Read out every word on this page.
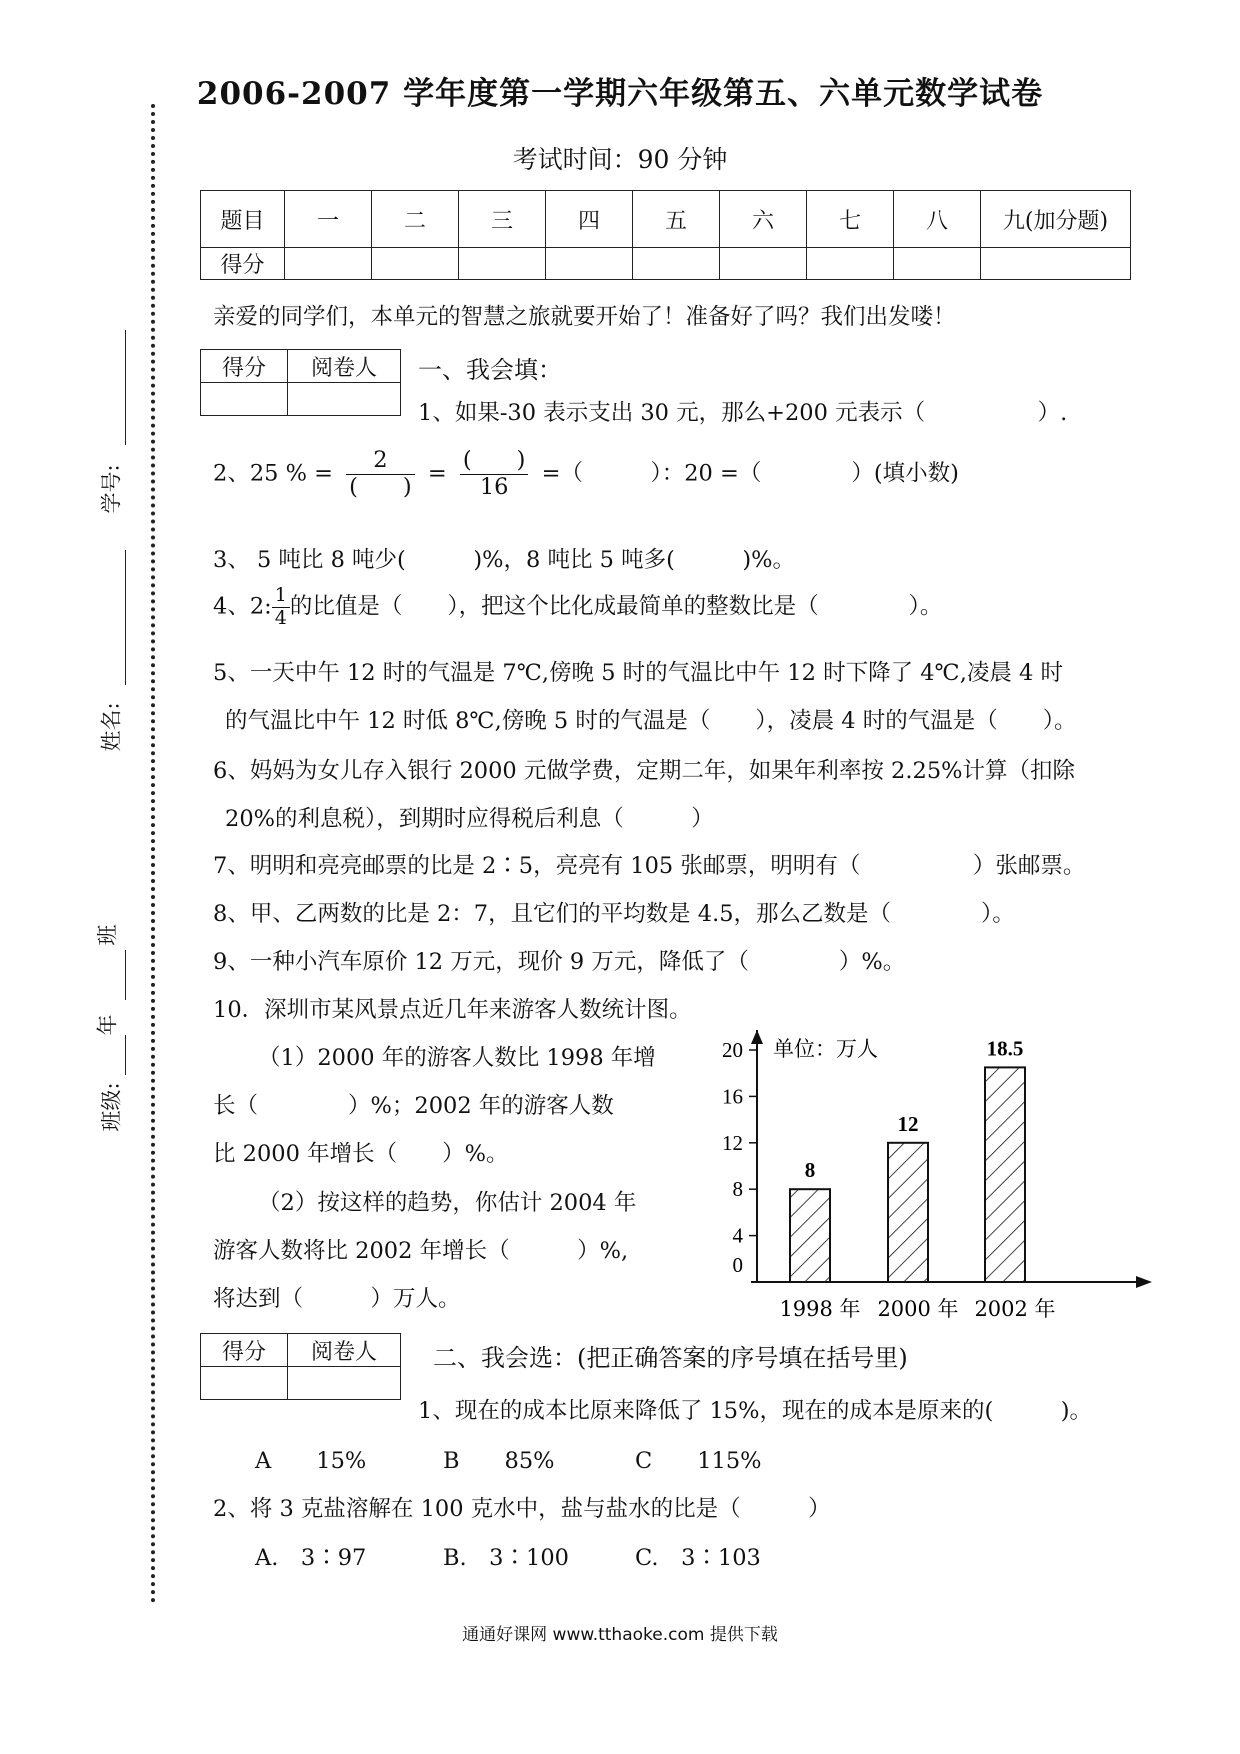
学号:
姓名:
班
年
班级:
2006-2007 学年度第一学期六年级第五、六单元数学试卷
考试时间：90 分钟
题目	一	二	三	四	五	六	七	八	九(加分题)
得分									
亲爱的同学们，本单元的智慧之旅就要开始了！准备好了吗？我们出发喽！
得分	阅卷人
	一、我会填：
1、如果-30 表示支出 30 元，那么+200 元表示（　　　　　）.
2、25 % = $\frac{2}{( )} = \frac{( )}{16}$ =（　　　）：20 =（　　　　）(填小数)
3、 5 吨比 8 吨少(　　　)%，8 吨比 5 吨多(　　　)%。
4、2: $\frac{1}{4}$ 的比值是（　　），把这个比化成最简单的整数比是（　　　　）。
5、一天中午 12 时的气温是 7℃,傍晚 5 时的气温比中午 12 时下降了 4℃,凌晨 4 时
的气温比中午 12 时低 8℃,傍晚 5 时的气温是（　　），凌晨 4 时的气温是（　　）。
6、妈妈为女儿存入银行 2000 元做学费，定期二年，如果年利率按 2.25%计算（扣除
20%的利息税），到期时应得税后利息（　　　）
7、明明和亮亮邮票的比是 2∶5，亮亮有 105 张邮票，明明有（　　　　　）张邮票。
8、甲、乙两数的比是 2：7，且它们的平均数是 4.5，那么乙数是（　　　　）。
9、一种小汽车原价 12 万元，现价 9 万元，降低了（　　　　）%。
10．深圳市某风景点近几年来游客人数统计图。
（1）2000 年的游客人数比 1998 年增
长（　　　　）%；2002 年的游客人数
比 2000 年增长（　　）%。
（2）按这样的趋势，你估计 2004 年
游客人数将比 2002 年增长（　　　）%,
将达到（　　　）万人。
0
4
8
12
16
20 单位：万人
8
1998 年
12
2000 年
18.5
2002 年
得分	阅卷人
	二、我会选：(把正确答案的序号填在括号里)
1、现在的成本比原来降低了 15%，现在的成本是原来的(　　　)。
A　　15%	B　　85%	C　　115%
2、将 3 克盐溶解在 100 克水中，盐与盐水的比是（　　　）
A.　3∶97	B.　3∶100	C.　3∶103
通通好课网 www.tthaoke.com 提供下载
